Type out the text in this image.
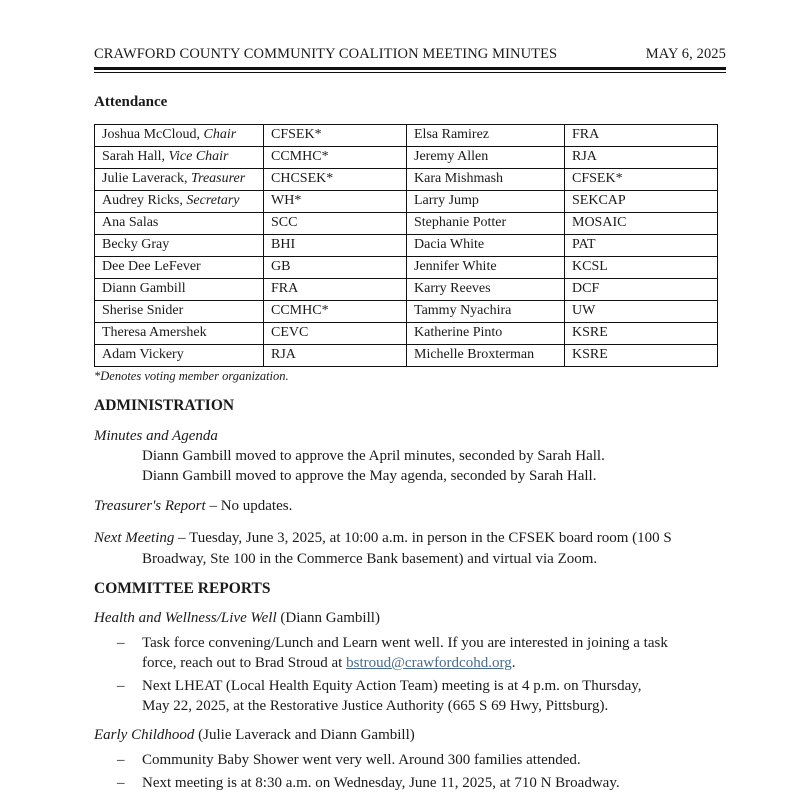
CRAWFORD COUNTY COMMUNITY COALITION MEETING MINUTES	MAY 6, 2025
Attendance
Joshua McCloud, Chair	CFSEK*	Elsa Ramirez	FRA
Sarah Hall, Vice Chair	CCMHC*	Jeremy Allen	RJA
Julie Laverack, Treasurer	CHCSEK*	Kara Mishmash	CFSEK*
Audrey Ricks, Secretary	WH*	Larry Jump	SEKCAP
Ana Salas	SCC	Stephanie Potter	MOSAIC
Becky Gray	BHI	Dacia White	PAT
Dee Dee LeFever	GB	Jennifer White	KCSL
Diann Gambill	FRA	Karry Reeves	DCF
Sherise Snider	CCMHC*	Tammy Nyachira	UW
Theresa Amershek	CEVC	Katherine Pinto	KSRE
Adam Vickery	RJA	Michelle Broxterman	KSRE
*Denotes voting member organization.
ADMINISTRATION
Minutes and Agenda
Diann Gambill moved to approve the April minutes, seconded by Sarah Hall.
Diann Gambill moved to approve the May agenda, seconded by Sarah Hall.
Treasurer's Report – No updates.
Next Meeting – Tuesday, June 3, 2025, at 10:00 a.m. in person in the CFSEK board room (100 S
Broadway, Ste 100 in the Commerce Bank basement) and virtual via Zoom.
COMMITTEE REPORTS
Health and Wellness/Live Well (Diann Gambill)
– Task force convening/Lunch and Learn went well. If you are interested in joining a task
force, reach out to Brad Stroud at bstroud@crawfordcohd.org.
– Next LHEAT (Local Health Equity Action Team) meeting is at 4 p.m. on Thursday,
May 22, 2025, at the Restorative Justice Authority (665 S 69 Hwy, Pittsburg).
Early Childhood (Julie Laverack and Diann Gambill)
– Community Baby Shower went very well. Around 300 families attended.
– Next meeting is at 8:30 a.m. on Wednesday, June 11, 2025, at 710 N Broadway.
